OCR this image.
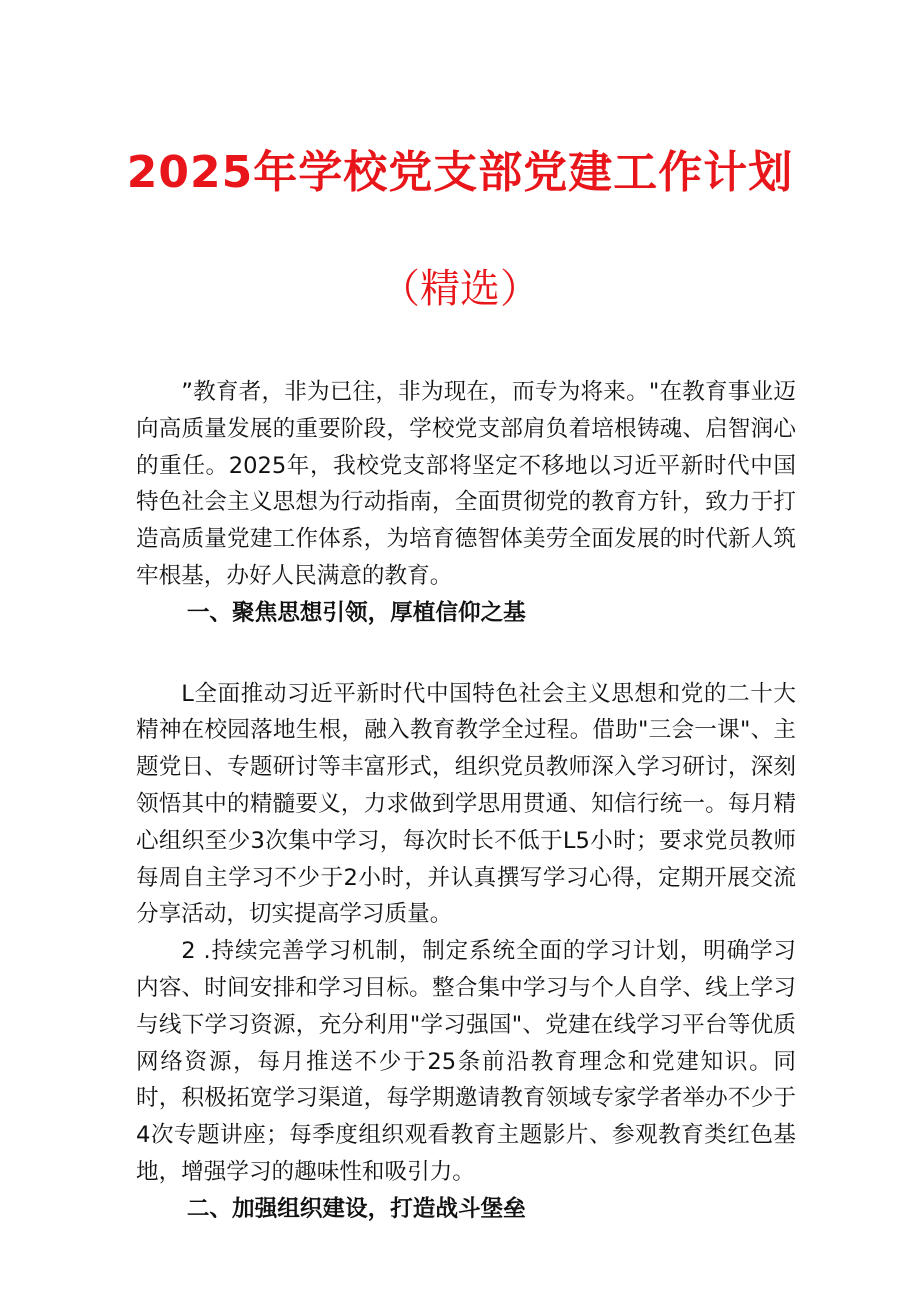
2025年学校党支部党建工作计划
（精选）

”教育者，非为已往，非为现在，而专为将来。"在教育事业迈向高质量发展的重要阶段，学校党支部肩负着培根铸魂、启智润心的重任。2025年，我校党支部将坚定不移地以习近平新时代中国特色社会主义思想为行动指南，全面贯彻党的教育方针，致力于打造高质量党建工作体系，为培育德智体美劳全面发展的时代新人筑牢根基，办好人民满意的教育。

一、聚焦思想引领，厚植信仰之基

L全面推动习近平新时代中国特色社会主义思想和党的二十大精神在校园落地生根，融入教育教学全过程。借助"三会一课"、主题党日、专题研讨等丰富形式，组织党员教师深入学习研讨，深刻领悟其中的精髓要义，力求做到学思用贯通、知信行统一。每月精心组织至少3次集中学习，每次时长不低于L5小时；要求党员教师每周自主学习不少于2小时，并认真撰写学习心得，定期开展交流分享活动，切实提高学习质量。

2 .持续完善学习机制，制定系统全面的学习计划，明确学习内容、时间安排和学习目标。整合集中学习与个人自学、线上学习与线下学习资源，充分利用"学习强国"、党建在线学习平台等优质网络资源，每月推送不少于25条前沿教育理念和党建知识。同时，积极拓宽学习渠道，每学期邀请教育领域专家学者举办不少于4次专题讲座；每季度组织观看教育主题影片、参观教育类红色基地，增强学习的趣味性和吸引力。

二、加强组织建设，打造战斗堡垒
